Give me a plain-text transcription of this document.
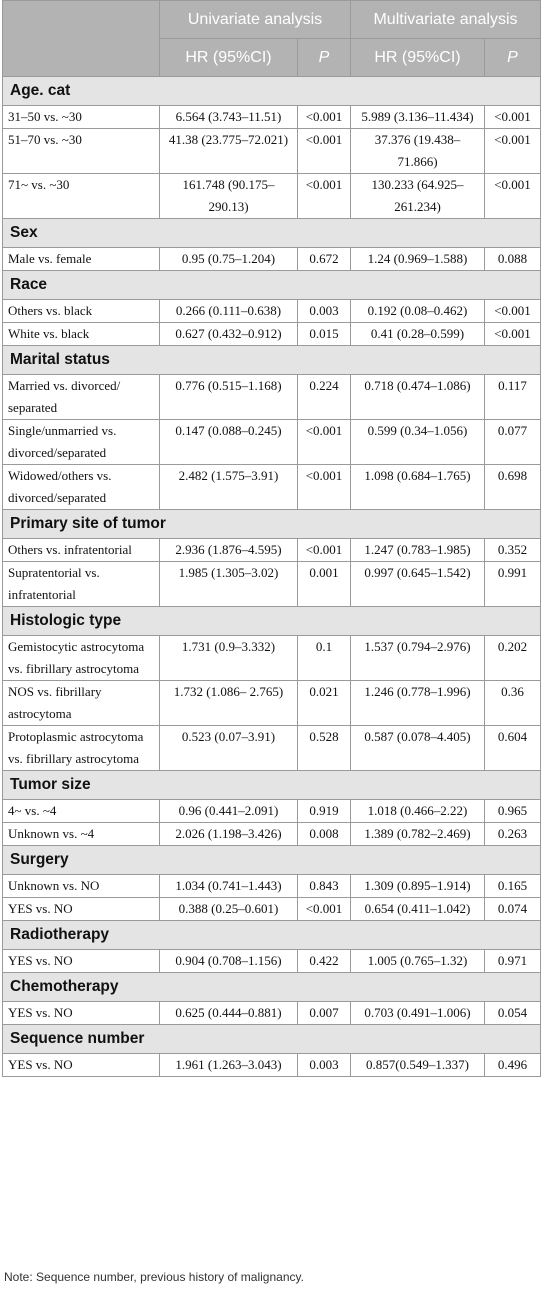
	Univariate analysis		Multivariate analysis	
	HR (95%CI)	P	HR (95%CI)	P
Age. cat				
31–50 vs. ~30	6.564 (3.743–11.51)	<0.001	5.989 (3.136–11.434)	<0.001
51–70 vs. ~30	41.38 (23.775–72.021)	<0.001	37.376 (19.438–71.866)	<0.001
71~ vs. ~30	161.748 (90.175–290.13)	<0.001	130.233 (64.925–261.234)	<0.001
Sex				
Male vs. female	0.95 (0.75–1.204)	0.672	1.24 (0.969–1.588)	0.088
Race				
Others vs. black	0.266 (0.111–0.638)	0.003	0.192 (0.08–0.462)	<0.001
White vs. black	0.627 (0.432–0.912)	0.015	0.41 (0.28–0.599)	<0.001
Marital status				
Married vs. divorced/ separated	0.776 (0.515–1.168)	0.224	0.718 (0.474–1.086)	0.117
Single/unmarried vs. divorced/separated	0.147 (0.088–0.245)	<0.001	0.599 (0.34–1.056)	0.077
Widowed/others vs. divorced/separated	2.482 (1.575–3.91)	<0.001	1.098 (0.684–1.765)	0.698
Primary site of tumor				
Others vs. infratentorial	2.936 (1.876–4.595)	<0.001	1.247 (0.783–1.985)	0.352
Supratentorial vs. infratentorial	1.985 (1.305–3.02)	0.001	0.997 (0.645–1.542)	0.991
Histologic type				
Gemistocytic astrocytoma vs. fibrillary astrocytoma	1.731 (0.9–3.332)	0.1	1.537 (0.794–2.976)	0.202
NOS vs. fibrillary astrocytoma	1.732 (1.086– 2.765)	0.021	1.246 (0.778–1.996)	0.36
Protoplasmic astrocytoma vs. fibrillary astrocytoma	0.523 (0.07–3.91)	0.528	0.587 (0.078–4.405)	0.604
Tumor size				
4~ vs. ~4	0.96 (0.441–2.091)	0.919	1.018 (0.466–2.22)	0.965
Unknown vs. ~4	2.026 (1.198–3.426)	0.008	1.389 (0.782–2.469)	0.263
Surgery				
Unknown vs. NO	1.034 (0.741–1.443)	0.843	1.309 (0.895–1.914)	0.165
YES vs. NO	0.388 (0.25–0.601)	<0.001	0.654 (0.411–1.042)	0.074
Radiotherapy				
YES vs. NO	0.904 (0.708–1.156)	0.422	1.005 (0.765–1.32)	0.971
Chemotherapy				
YES vs. NO	0.625 (0.444–0.881)	0.007	0.703 (0.491–1.006)	0.054
Sequence number				
YES vs. NO	1.961 (1.263–3.043)	0.003	0.857(0.549–1.337)	0.496
Note: Sequence number, previous history of malignancy.
